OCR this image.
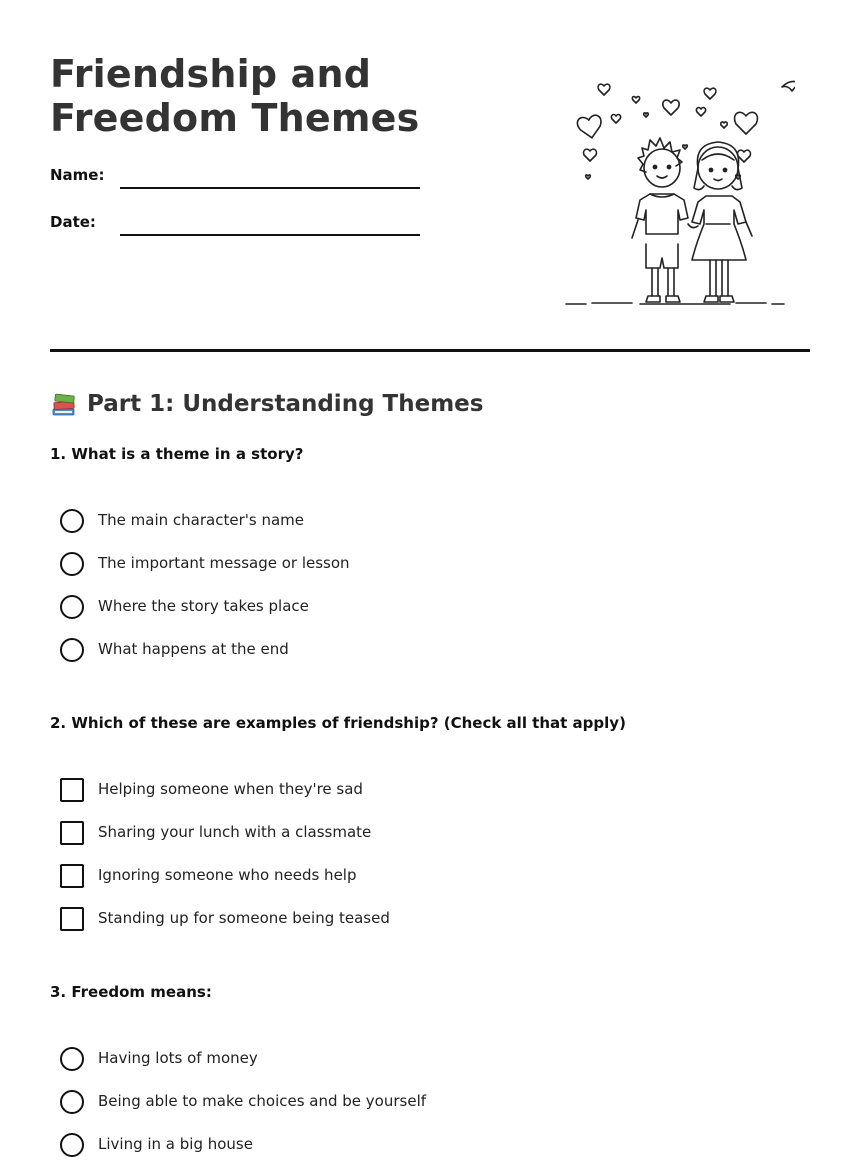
Friendship and Freedom Themes
Name:
Date:
Part 1: Understanding Themes

1. What is a theme in a story?

The main character's name
The important message or lesson
Where the story takes place
What happens at the end

2. Which of these are examples of friendship? (Check all that apply)

Helping someone when they're sad
Sharing your lunch with a classmate
Ignoring someone who needs help
Standing up for someone being teased

3. Freedom means:

Having lots of money
Being able to make choices and be yourself
Living in a big house
